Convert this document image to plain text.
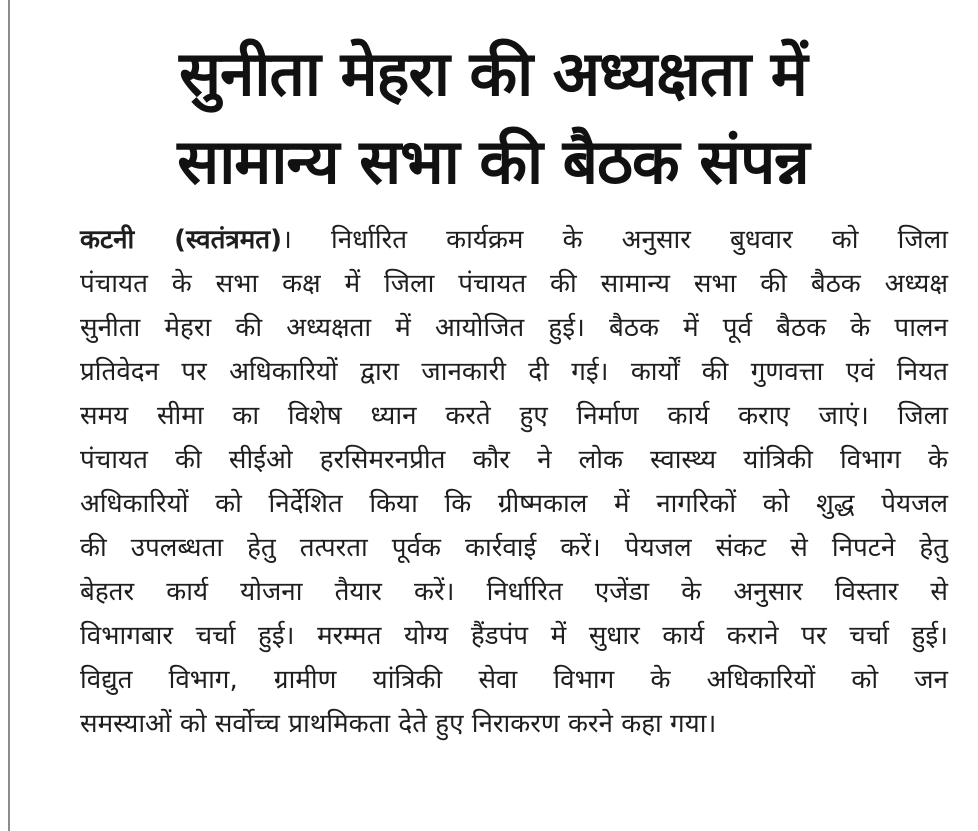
सुनीता मेहरा की अध्यक्षता में
सामान्य सभा की बैठक संपन्न
कटनी (स्वतंत्रमत)। निर्धारित कार्यक्रम के अनुसार बुधवार को जिला
पंचायत के सभा कक्ष में जिला पंचायत की सामान्य सभा की बैठक अध्यक्ष
सुनीता मेहरा की अध्यक्षता में आयोजित हुई। बैठक में पूर्व बैठक के पालन
प्रतिवेदन पर अधिकारियों द्वारा जानकारी दी गई। कार्यों की गुणवत्ता एवं नियत
समय सीमा का विशेष ध्यान करते हुए निर्माण कार्य कराए जाएं। जिला
पंचायत की सीईओ हरसिमरनप्रीत कौर ने लोक स्वास्थ्य यांत्रिकी विभाग के
अधिकारियों को निर्देशित किया कि ग्रीष्मकाल में नागरिकों को शुद्ध पेयजल
की उपलब्धता हेतु तत्परता पूर्वक कार्रवाई करें। पेयजल संकट से निपटने हेतु
बेहतर कार्य योजना तैयार करें। निर्धारित एजेंडा के अनुसार विस्तार से
विभागबार चर्चा हुई। मरम्मत योग्य हैंडपंप में सुधार कार्य कराने पर चर्चा हुई।
विद्युत विभाग, ग्रामीण यांत्रिकी सेवा विभाग के अधिकारियों को जन
समस्याओं को सर्वोच्च प्राथमिकता देते हुए निराकरण करने कहा गया।
